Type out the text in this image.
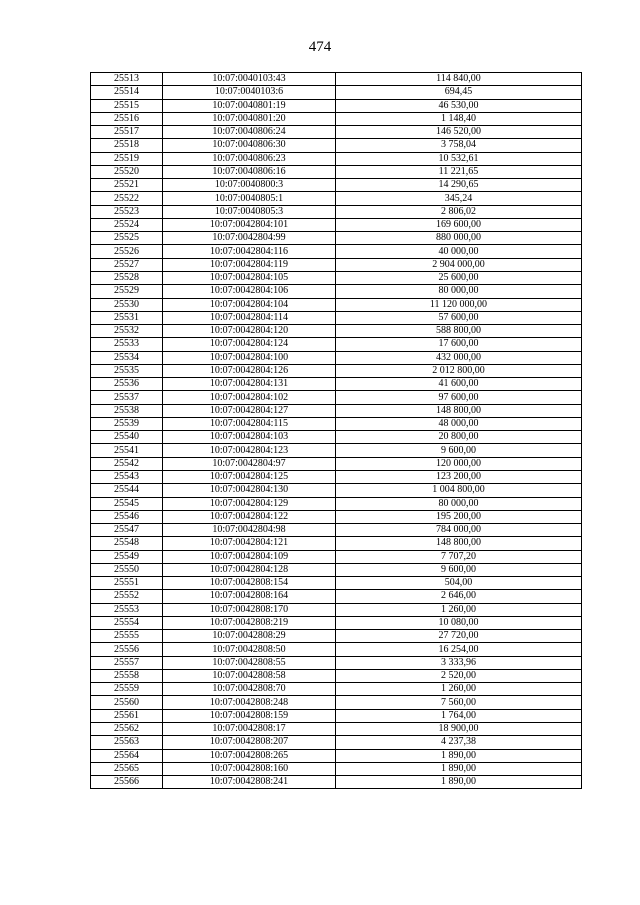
474
25513	10:07:0040103:43	114 840,00
25514	10:07:0040103:6	694,45
25515	10:07:0040801:19	46 530,00
25516	10:07:0040801:20	1 148,40
25517	10:07:0040806:24	146 520,00
25518	10:07:0040806:30	3 758,04
25519	10:07:0040806:23	10 532,61
25520	10:07:0040806:16	11 221,65
25521	10:07:0040800:3	14 290,65
25522	10:07:0040805:1	345,24
25523	10:07:0040805:3	2 806,02
25524	10:07:0042804:101	169 600,00
25525	10:07:0042804:99	880 000,00
25526	10:07:0042804:116	40 000,00
25527	10:07:0042804:119	2 904 000,00
25528	10:07:0042804:105	25 600,00
25529	10:07:0042804:106	80 000,00
25530	10:07:0042804:104	11 120 000,00
25531	10:07:0042804:114	57 600,00
25532	10:07:0042804:120	588 800,00
25533	10:07:0042804:124	17 600,00
25534	10:07:0042804:100	432 000,00
25535	10:07:0042804:126	2 012 800,00
25536	10:07:0042804:131	41 600,00
25537	10:07:0042804:102	97 600,00
25538	10:07:0042804:127	148 800,00
25539	10:07:0042804:115	48 000,00
25540	10:07:0042804:103	20 800,00
25541	10:07:0042804:123	9 600,00
25542	10:07:0042804:97	120 000,00
25543	10:07:0042804:125	123 200,00
25544	10:07:0042804:130	1 004 800,00
25545	10:07:0042804:129	80 000,00
25546	10:07:0042804:122	195 200,00
25547	10:07:0042804:98	784 000,00
25548	10:07:0042804:121	148 800,00
25549	10:07:0042804:109	7 707,20
25550	10:07:0042804:128	9 600,00
25551	10:07:0042808:154	504,00
25552	10:07:0042808:164	2 646,00
25553	10:07:0042808:170	1 260,00
25554	10:07:0042808:219	10 080,00
25555	10:07:0042808:29	27 720,00
25556	10:07:0042808:50	16 254,00
25557	10:07:0042808:55	3 333,96
25558	10:07:0042808:58	2 520,00
25559	10:07:0042808:70	1 260,00
25560	10:07:0042808:248	7 560,00
25561	10:07:0042808:159	1 764,00
25562	10:07:0042808:17	18 900,00
25563	10:07:0042808:207	4 237,38
25564	10:07:0042808:265	1 890,00
25565	10:07:0042808:160	1 890,00
25566	10:07:0042808:241	1 890,00
